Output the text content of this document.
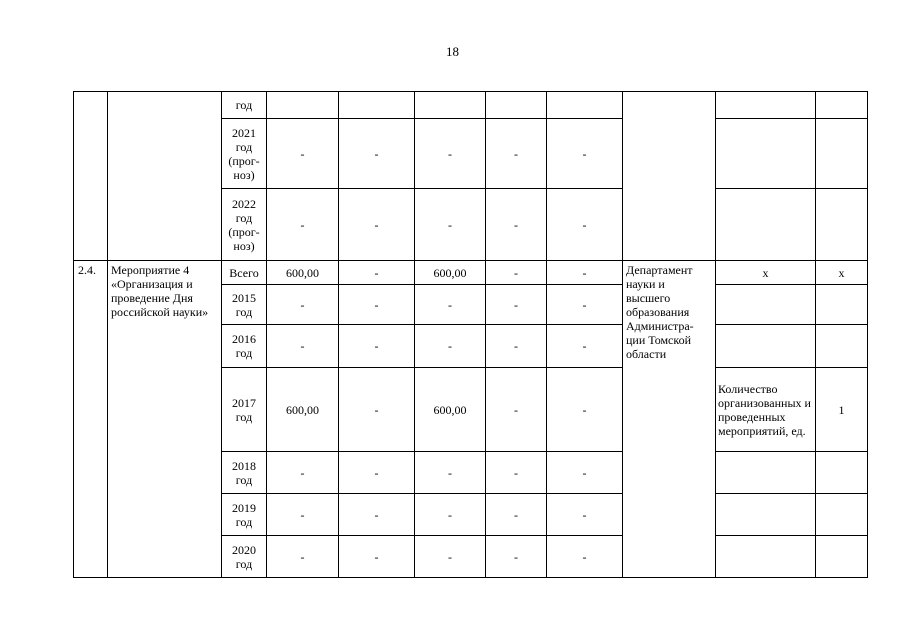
18
		год								
		2021 год (прог-ноз)	-	-	-	-	-			
		2022 год (прог-ноз)	-	-	-	-	-			
2.4.	Мероприятие 4 «Организация и проведение Дня российской науки»	Всего	600,00	-	600,00	-	-	Департамент науки и высшего образования Администра-ции Томской области	х	х
		2015 год	-	-	-	-	-			
		2016 год	-	-	-	-	-			
		2017 год	600,00	-	600,00	-	-		Количество организованных и проведенных мероприятий, ед.	1
		2018 год	-	-	-	-	-			
		2019 год	-	-	-	-	-			
		2020 год	-	-	-	-	-			
